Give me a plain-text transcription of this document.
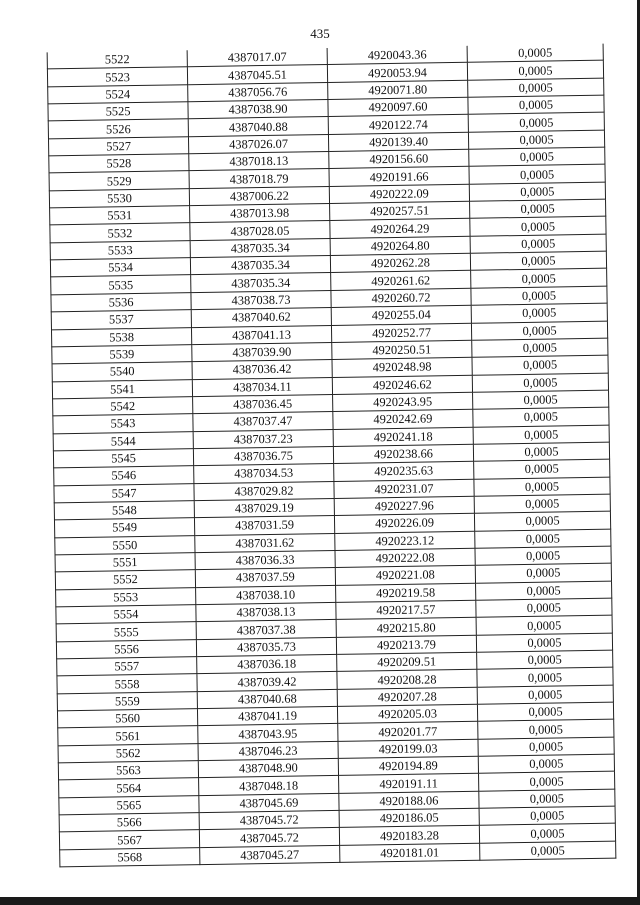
435
5522	4387017.07	4920043.36	0,0005
5523	4387045.51	4920053.94	0,0005
5524	4387056.76	4920071.80	0,0005
5525	4387038.90	4920097.60	0,0005
5526	4387040.88	4920122.74	0,0005
5527	4387026.07	4920139.40	0,0005
5528	4387018.13	4920156.60	0,0005
5529	4387018.79	4920191.66	0,0005
5530	4387006.22	4920222.09	0,0005
5531	4387013.98	4920257.51	0,0005
5532	4387028.05	4920264.29	0,0005
5533	4387035.34	4920264.80	0,0005
5534	4387035.34	4920262.28	0,0005
5535	4387035.34	4920261.62	0,0005
5536	4387038.73	4920260.72	0,0005
5537	4387040.62	4920255.04	0,0005
5538	4387041.13	4920252.77	0,0005
5539	4387039.90	4920250.51	0,0005
5540	4387036.42	4920248.98	0,0005
5541	4387034.11	4920246.62	0,0005
5542	4387036.45	4920243.95	0,0005
5543	4387037.47	4920242.69	0,0005
5544	4387037.23	4920241.18	0,0005
5545	4387036.75	4920238.66	0,0005
5546	4387034.53	4920235.63	0,0005
5547	4387029.82	4920231.07	0,0005
5548	4387029.19	4920227.96	0,0005
5549	4387031.59	4920226.09	0,0005
5550	4387031.62	4920223.12	0,0005
5551	4387036.33	4920222.08	0,0005
5552	4387037.59	4920221.08	0,0005
5553	4387038.10	4920219.58	0,0005
5554	4387038.13	4920217.57	0,0005
5555	4387037.38	4920215.80	0,0005
5556	4387035.73	4920213.79	0,0005
5557	4387036.18	4920209.51	0,0005
5558	4387039.42	4920208.28	0,0005
5559	4387040.68	4920207.28	0,0005
5560	4387041.19	4920205.03	0,0005
5561	4387043.95	4920201.77	0,0005
5562	4387046.23	4920199.03	0,0005
5563	4387048.90	4920194.89	0,0005
5564	4387048.18	4920191.11	0,0005
5565	4387045.69	4920188.06	0,0005
5566	4387045.72	4920186.05	0,0005
5567	4387045.72	4920183.28	0,0005
5568	4387045.27	4920181.01	0,0005
